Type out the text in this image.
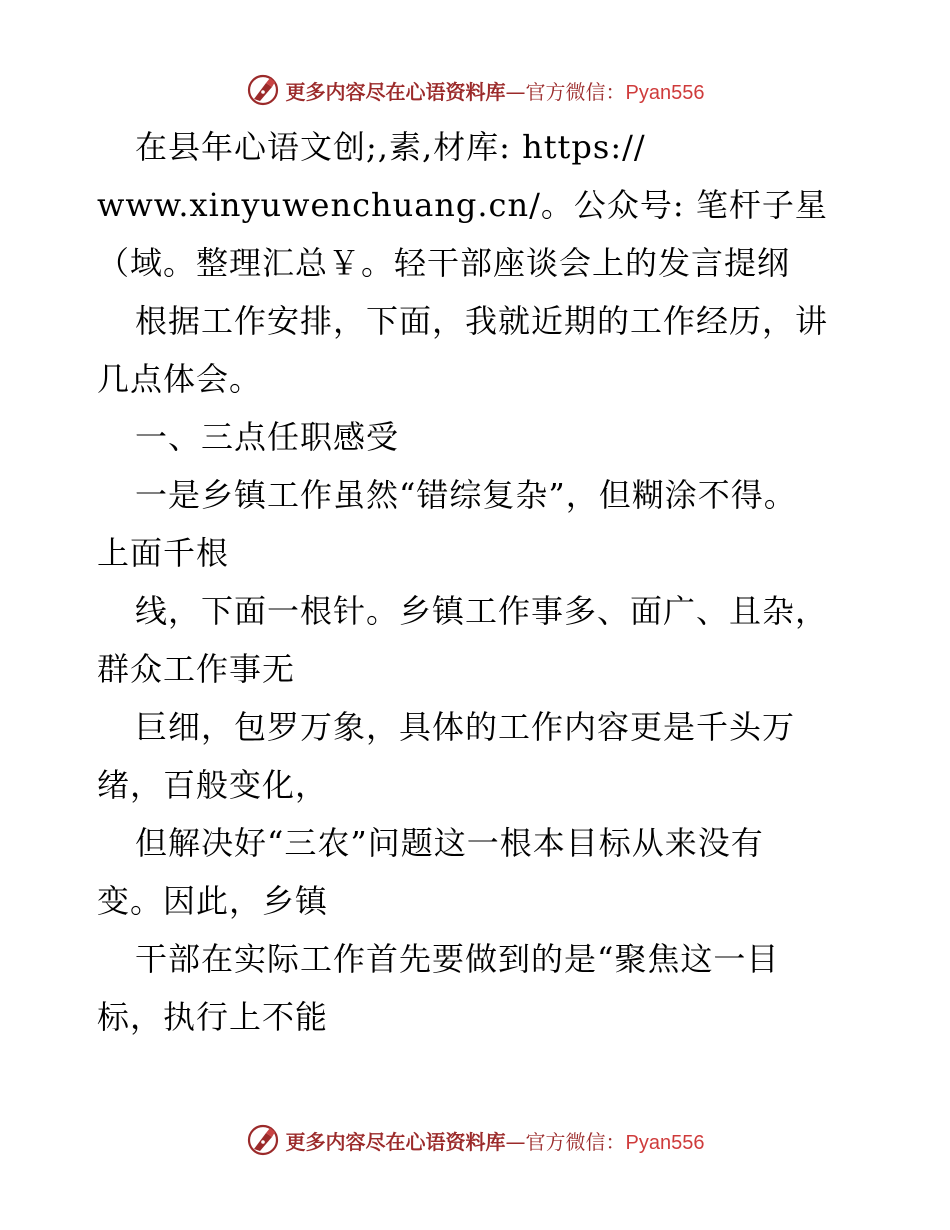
更多内容尽在心语资料库—官方微信：Pyan556
在县年心语文创;,素,材库: https://
www.xinyuwenchuang.cn/。公众号: 笔杆子星
（域。整理汇总￥。轻干部座谈会上的发言提纲
根据工作安排，下面，我就近期的工作经历，讲
几点体会。
一、三点任职感受
一是乡镇工作虽然“错综复杂”，但糊涂不得。
上面千根
线，下面一根针。乡镇工作事多、面广、且杂，
群众工作事无
巨细，包罗万象，具体的工作内容更是千头万
绪，百般变化，
但解决好“三农”问题这一根本目标从来没有
变。因此，乡镇
干部在实际工作首先要做到的是“聚焦这一目
标，执行上不能
更多内容尽在心语资料库—官方微信：Pyan556
